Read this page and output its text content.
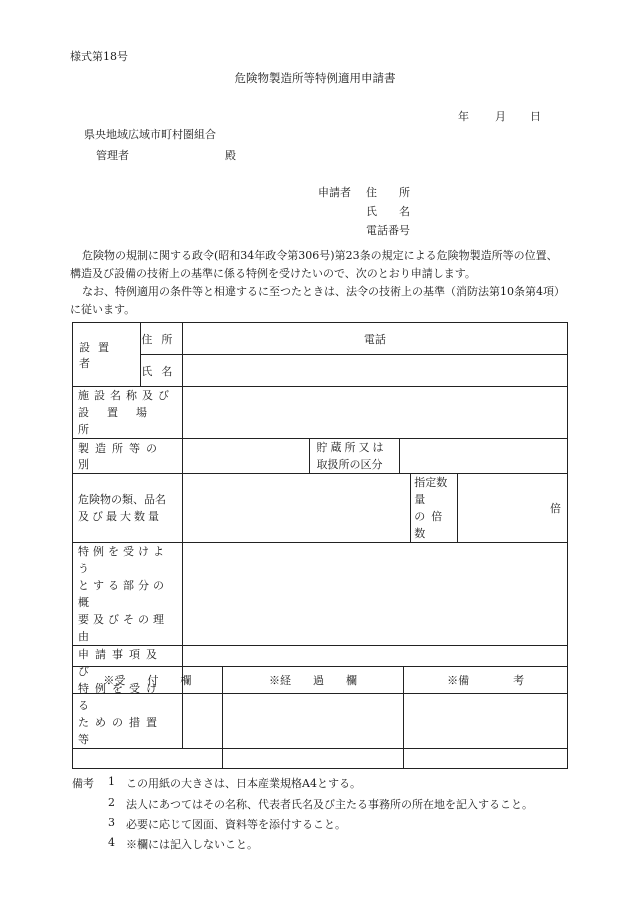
様式第18号
危険物製造所等特例適用申請書
年 月 日
県央地域広域市町村圏組合
管理者	殿
申請者 住　　所
氏　　名
電話番号
危険物の規制に関する政令(昭和34年政令第306号)第23条の規定による危険物製造所等の位置、構造及び設備の技術上の基準に係る特例を受けたいので、次のとおり申請します。
なお、特例適用の条件等と相違するに至つたときは、法令の技術上の基準（消防法第10条第4項）に従います。
設置者	住所	電話				

	氏名					

施設名称及び
設置場所						

製造所等の別			貯蔵所又は
取扱所の区分			

危険物の類、品名
及び最大数量					指定数量
の倍数	倍

特例を受けよう
とする部分の概
要及びその理由						

申請事項及び
特例を受ける
ための措置等						

※受　　付　　欄	※経　　過　　欄	※備　　　　考

備考 1 この用紙の大きさは、日本産業規格A4とする。
2 法人にあつてはその名称、代表者氏名及び主たる事務所の所在地を記入すること。
3 必要に応じて図面、資料等を添付すること。
4 ※欄には記入しないこと。
